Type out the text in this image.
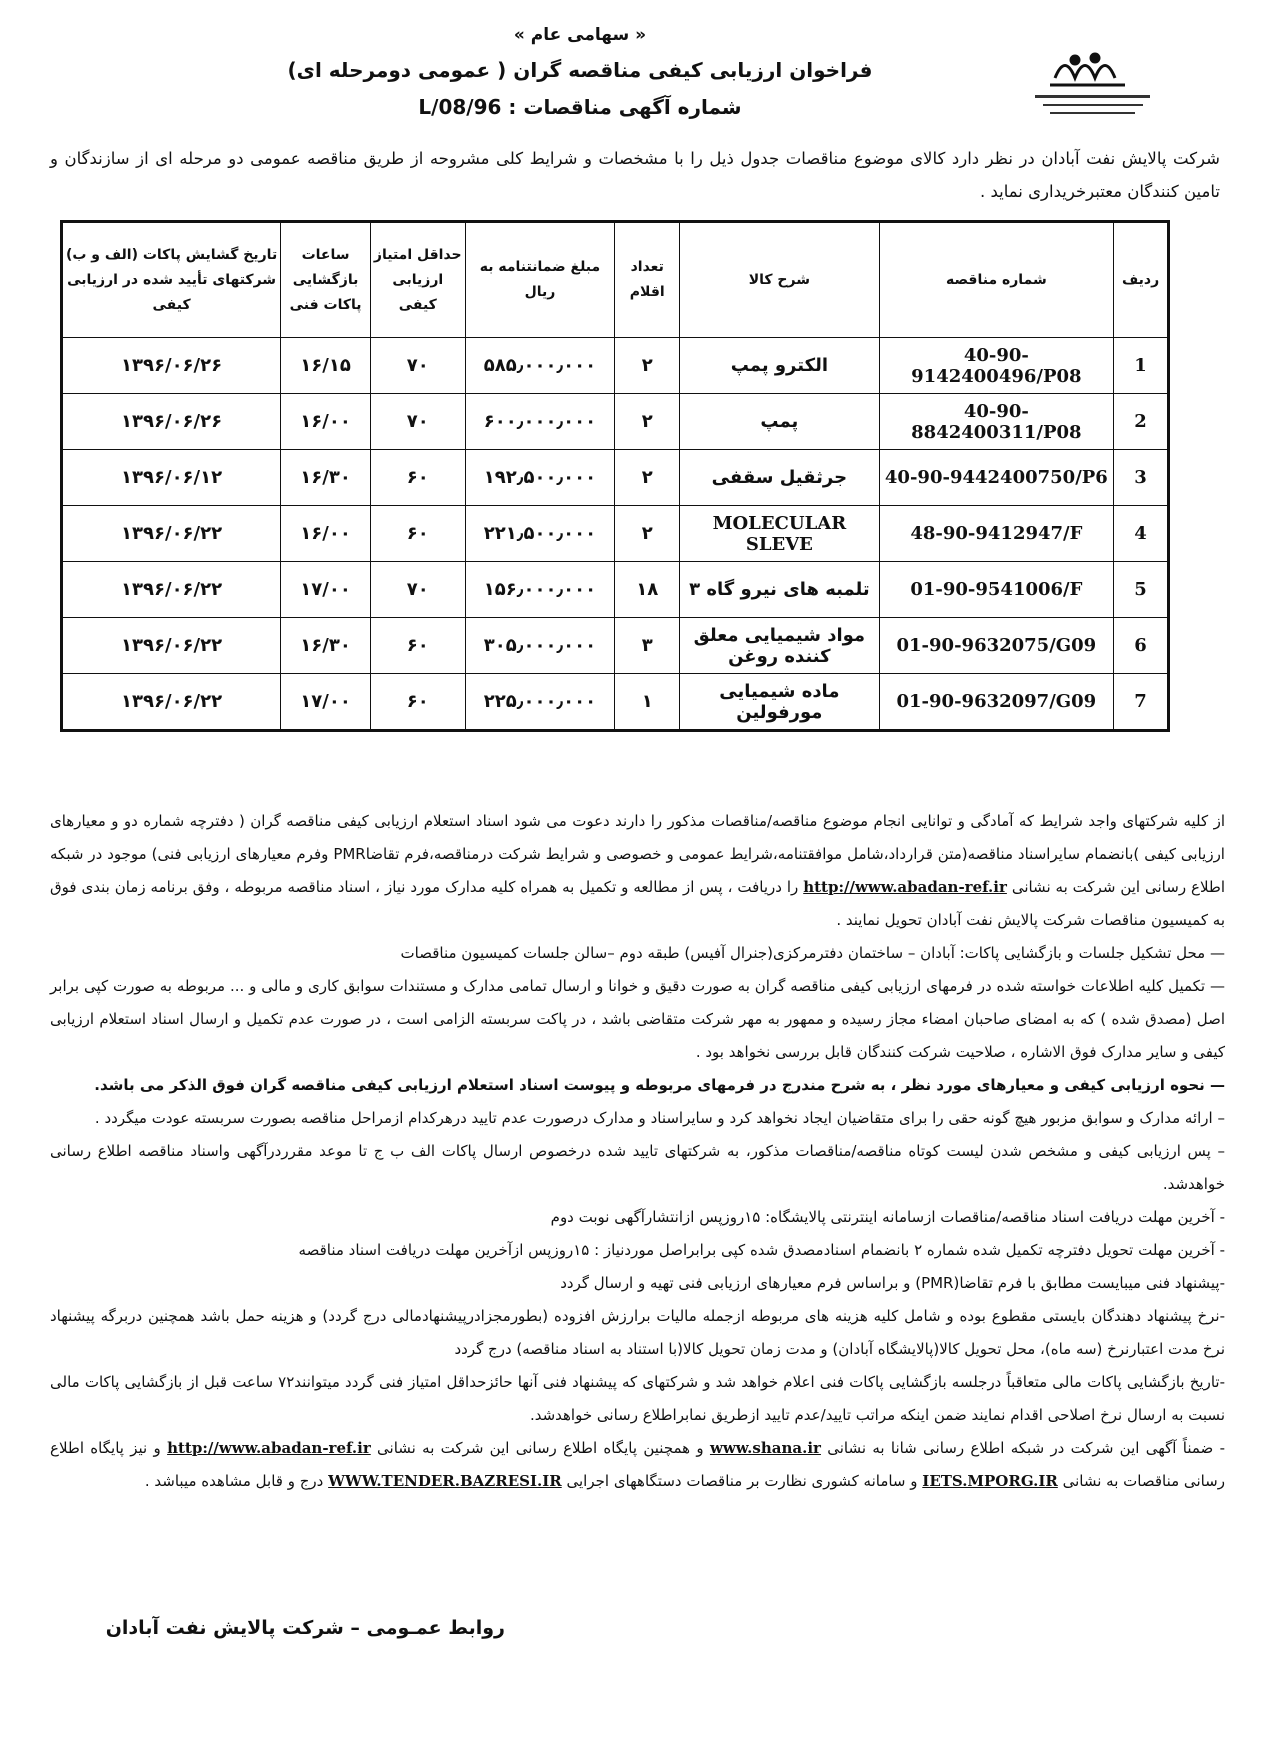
« سهامی عام »
فراخوان ارزیابی کیفی مناقصه گران ( عمومی دومرحله ای)
شماره آگهی مناقصات : 96/L/08
شرکت پالایش نفت آبادان در نظر دارد کالای موضوع مناقصات جدول ذیل را با مشخصات و شرایط کلی مشروحه از طریق مناقصه عمومی دو مرحله ای از سازندگان و تامین کنندگان معتبرخریداری نماید .
ردیف	شماره مناقصه	شرح کالا	تعداد اقلام	مبلغ ضمانتنامه به ریال	حداقل امتیاز ارزیابی کیفی	ساعات بازگشایی پاکات فنی	تاریخ گشایش پاکات (الف و ب) شرکتهای تأیید شده در ارزیابی کیفی
1	40-90-9142400496/P08	الکترو پمپ	۲	۵۸۵٫۰۰۰٫۰۰۰	۷۰	۱۶/۱۵	۱۳۹۶/۰۶/۲۶
2	40-90-8842400311/P08	پمپ	۲	۶۰۰٫۰۰۰٫۰۰۰	۷۰	۱۶/۰۰	۱۳۹۶/۰۶/۲۶
3	40-90-9442400750/P6	جرثقیل سقفی	۲	۱۹۲٫۵۰۰٫۰۰۰	۶۰	۱۶/۳۰	۱۳۹۶/۰۶/۱۲
4	48-90-9412947/F	MOLECULAR SLEVE	۲	۲۲۱٫۵۰۰٫۰۰۰	۶۰	۱۶/۰۰	۱۳۹۶/۰۶/۲۲
5	01-90-9541006/F	تلمبه های نیرو گاه ۳	۱۸	۱۵۶٫۰۰۰٫۰۰۰	۷۰	۱۷/۰۰	۱۳۹۶/۰۶/۲۲
6	01-90-9632075/G09	مواد شیمیایی معلق کننده روغن	۳	۳۰۵٫۰۰۰٫۰۰۰	۶۰	۱۶/۳۰	۱۳۹۶/۰۶/۲۲
7	01-90-9632097/G09	ماده شیمیایی مورفولین	۱	۲۲۵٫۰۰۰٫۰۰۰	۶۰	۱۷/۰۰	۱۳۹۶/۰۶/۲۲

از کلیه شرکتهای واجد شرایط که آمادگی و توانایی انجام موضوع مناقصه/مناقصات مذکور را دارند دعوت می شود اسناد استعلام ارزیابی کیفی مناقصه گران ( دفترچه شماره دو و معیارهای ارزیابی کیفی )بانضمام سایراسناد مناقصه(متن قرارداد،شامل موافقتنامه،شرایط عمومی و خصوصی و شرایط شرکت درمناقصه،فرم تقاضاPMR وفرم معیارهای ارزیابی فنی) موجود در شبکه اطلاع رسانی این شرکت به نشانی http://www.abadan-ref.ir را دریافت ، پس از مطالعه و تکمیل به همراه کلیه مدارک مورد نیاز ، اسناد مناقصه مربوطه ، وفق برنامه زمان بندی فوق به کمیسیون مناقصات شرکت پالایش نفت آبادان تحویل نمایند .

— محل تشکیل جلسات و بازگشایی پاکات: آبادان – ساختمان دفترمرکزی(جنرال آفیس) طبقه دوم –سالن جلسات کمیسیون مناقصات

— تکمیل کلیه اطلاعات خواسته شده در فرمهای ارزیابی کیفی مناقصه گران به صورت دقیق و خوانا و ارسال تمامی مدارک و مستندات سوابق کاری و مالی و ... مربوطه به صورت کپی برابر اصل (مصدق شده ) که به امضای صاحبان امضاء مجاز رسیده و ممهور به مهر شرکت متقاضی باشد ، در پاکت سربسته الزامی است ، در صورت عدم تکمیل و ارسال اسناد استعلام ارزیابی کیفی و سایر مدارک فوق الاشاره ، صلاحیت شرکت کنندگان قابل بررسی نخواهد بود .

— نحوه ارزیابی کیفی و معیارهای مورد نظر ، به شرح مندرج در فرمهای مربوطه و پیوست اسناد استعلام ارزیابی کیفی مناقصه گران فوق الذکر می باشد.

– ارائه مدارک و سوابق مزبور هیچ گونه حقی را برای متقاضیان ایجاد نخواهد کرد و سایراسناد و مدارک درصورت عدم تایید درهرکدام ازمراحل مناقصه بصورت سربسته عودت میگردد .

– پس ارزیابی کیفی و مشخص شدن لیست کوتاه مناقصه/مناقصات مذکور، به شرکتهای تایید شده درخصوص ارسال پاکات الف ب ج تا موعد مقرردرآگهی واسناد مناقصه اطلاع رسانی خواهدشد.

- آخرین مهلت دریافت اسناد مناقصه/مناقصات ازسامانه اینترنتی پالایشگاه: ۱۵روزپس ازانتشارآگهی نوبت دوم

- آخرین مهلت تحویل دفترچه تکمیل شده شماره ۲ بانضمام اسنادمصدق شده کپی برابراصل موردنیاز : ۱۵روزپس ازآخرین مهلت دریافت اسناد مناقصه

-پیشنهاد فنی میبایست مطابق با فرم تقاضا(PMR) و براساس فرم معیارهای ارزیابی فنی تهیه و ارسال گردد

-نرخ پیشنهاد دهندگان بایستی مقطوع بوده و شامل کلیه هزینه های مربوطه ازجمله مالیات برارزش افزوده (بطورمجزادرپیشنهادمالی درج گردد) و هزینه حمل باشد همچنین دربرگه پیشنهاد نرخ مدت اعتبارنرخ (سه ماه)، محل تحویل کالا(پالایشگاه آبادان) و مدت زمان تحویل کالا(با استناد به اسناد مناقصه) درج گردد

-تاریخ بازگشایی پاکات مالی متعاقباً درجلسه بازگشایی پاکات فنی اعلام خواهد شد و شرکتهای که پیشنهاد فنی آنها حائزحداقل امتیاز فنی گردد میتوانند۷۲ ساعت قبل از بازگشایی پاکات مالی نسبت به ارسال نرخ اصلاحی اقدام نمایند ضمن اینکه مراتب تایید/عدم تایید ازطریق نمابراطلاع رسانی خواهدشد.

- ضمناً آگهی این شرکت در شبکه اطلاع رسانی شانا به نشانی www.shana.ir و همچنین پایگاه اطلاع رسانی این شرکت به نشانی http://www.abadan-ref.ir و نیز پایگاه اطلاع رسانی مناقصات به نشانی IETS.MPORG.IR و سامانه کشوری نظارت بر مناقصات دستگاههای اجرایی WWW.TENDER.BAZRESI.IR درج و قابل مشاهده میباشد .

روابط عمـومی – شرکت پالایش نفت آبادان
